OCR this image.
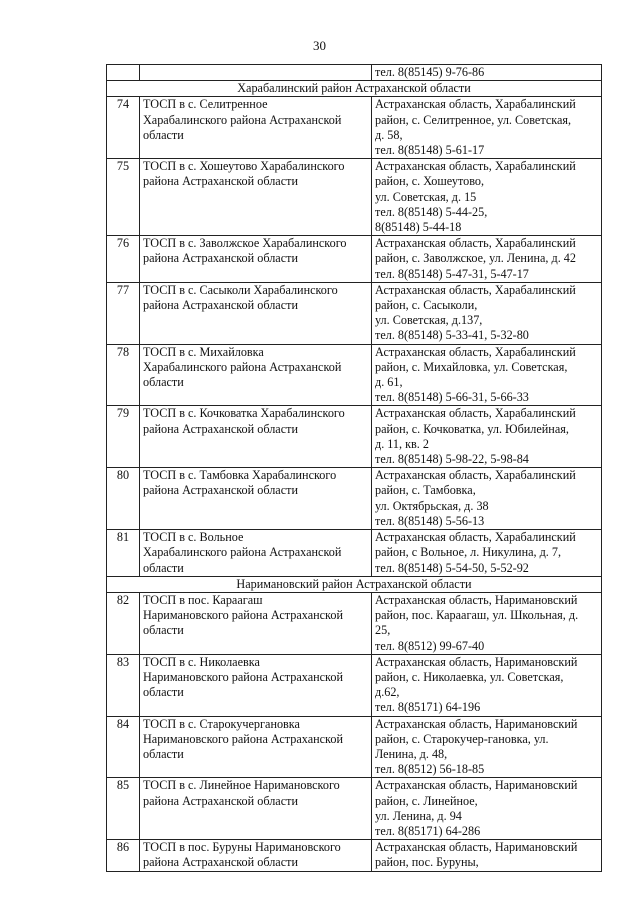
30
		тел. 8(85145) 9-76-86
Харабалинский район Астраханской области		
74	ТОСП в с. Селитренное
Харабалинского района Астраханской
области	Астраханская область, Харабалинский
район, с. Селитренное, ул. Советская,
д. 58,
тел. 8(85148) 5-61-17
75	ТОСП в с. Хошеутово Харабалинского
района Астраханской области	Астраханская область, Харабалинский
район, с. Хошеутово,
ул. Советская, д. 15
тел. 8(85148) 5-44-25,
8(85148) 5-44-18
76	ТОСП в с. Заволжское Харабалинского
района Астраханской области	Астраханская область, Харабалинский
район, с. Заволжское, ул. Ленина, д. 42
тел. 8(85148) 5-47-31, 5-47-17
77	ТОСП в с. Сасыколи Харабалинского
района Астраханской области	Астраханская область, Харабалинский
район, с. Сасыколи,
ул. Советская, д.137,
тел. 8(85148) 5-33-41, 5-32-80
78	ТОСП в с. Михайловка
Харабалинского района Астраханской
области	Астраханская область, Харабалинский
район, с. Михайловка, ул. Советская,
д. 61,
тел. 8(85148) 5-66-31, 5-66-33
79	ТОСП в с. Кочковатка Харабалинского
района Астраханской области	Астраханская область, Харабалинский
район, с. Кочковатка, ул. Юбилейная,
д. 11, кв. 2
тел. 8(85148) 5-98-22, 5-98-84
80	ТОСП в с. Тамбовка Харабалинского
района Астраханской области	Астраханская область, Харабалинский
район, с. Тамбовка,
ул. Октябрьская, д. 38
тел. 8(85148) 5-56-13
81	ТОСП в с. Вольное
Харабалинского района Астраханской
области	Астраханская область, Харабалинский
район, с Вольное, л. Никулина, д. 7,
тел. 8(85148) 5-54-50, 5-52-92
Наримановский район Астраханской области		
82	ТОСП в пос. Караагаш
Наримановского района Астраханской
области	Астраханская область, Наримановский
район, пос. Караагаш, ул. Школьная, д.
25,
тел. 8(8512) 99-67-40
83	ТОСП в с. Николаевка
Наримановского района Астраханской
области	Астраханская область, Наримановский
район, с. Николаевка, ул. Советская,
д.62,
тел. 8(85171) 64-196
84	ТОСП в с. Старокучергановка
Наримановского района Астраханской
области	Астраханская область, Наримановский
район, с. Старокучер-гановка, ул.
Ленина, д. 48,
тел. 8(8512) 56-18-85
85	ТОСП в с. Линейное Наримановского
района Астраханской области	Астраханская область, Наримановский
район, с. Линейное,
ул. Ленина, д. 94
тел. 8(85171) 64-286
86	ТОСП в пос. Буруны Наримановского
района Астраханской области	Астраханская область, Наримановский
район, пос. Буруны,
